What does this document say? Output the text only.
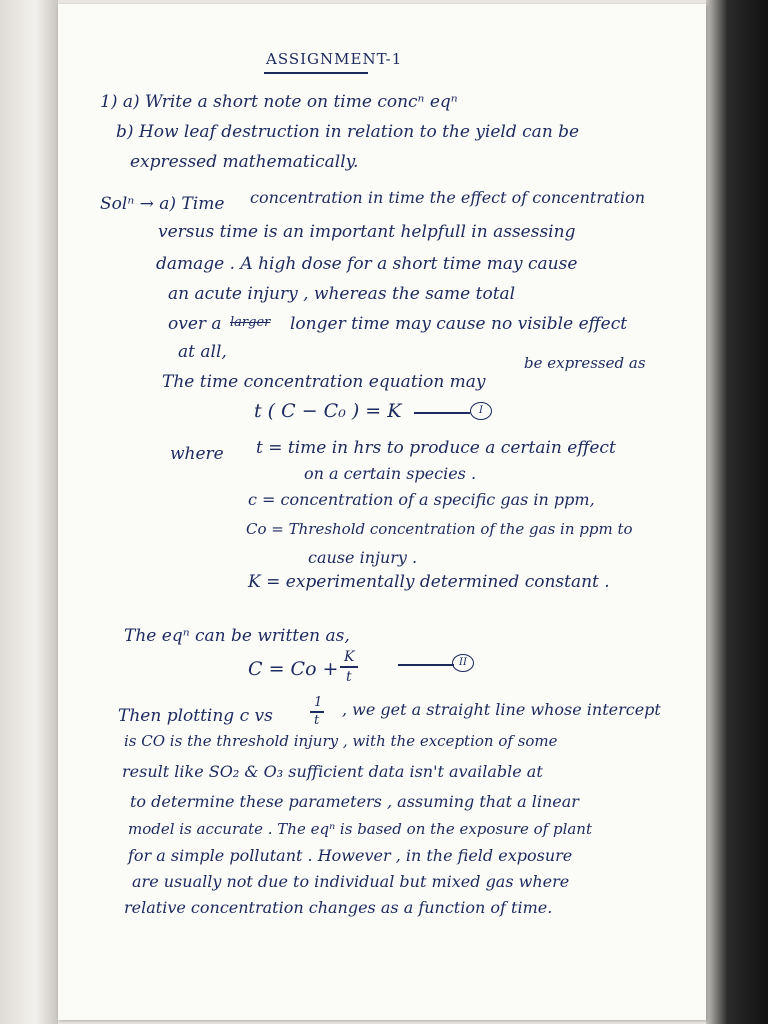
ASSIGNMENT-1
1) a) Write a short note on time concⁿ eqⁿ
b) How leaf destruction in relation to the yield can be
expressed mathematically.
Solⁿ → a) Time concentration in time the effect of concentration
versus time is an important helpfull in assessing
damage . A high dose for a short time may cause
an acute injury , whereas the same total
over a larger longer time may cause no visible effect
at all,
The time concentration equation may
be expressed as
t ( C − C₀ ) = K	I
where t = time in hrs to produce a certain effect
on a certain species .
c = concentration of a specific gas in ppm,
Co = Threshold concentration of the gas in ppm to
cause injury .
K = experimentally determined constant .
The eqⁿ can be written as,
C = Co +
K
t
II
Then plotting c vs
1
t
, we get a straight line whose intercept
is CO is the threshold injury , with the exception of some
result like SO₂ & O₃ sufficient data isn't available at
to determine these parameters , assuming that a linear
model is accurate . The eqⁿ is based on the exposure of plant
for a simple pollutant . However , in the field exposure
are usually not due to individual but mixed gas where
relative concentration changes as a function of time.
